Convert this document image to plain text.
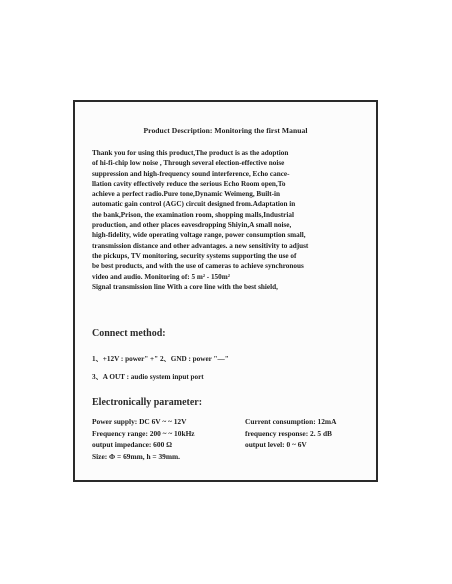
Product Description: Monitoring the first Manual
Thank you for using this product,The product is as the adoption
of hi-fi-chip low noise , Through several election-effective noise
suppression and high-frequency sound interference, Echo cance-
llation cavity effectively reduce the serious Echo Room open,To
achieve a perfect radio.Pure tone,Dynamic Weimeng, Built-in
automatic gain control (AGC) circuit designed from.Adaptation in
the bank,Prison, the examination room, shopping malls,Industrial
production, and other places eavesdropping Shiyin,A small noise,
high-fidelity, wide operating voltage range, power consumption small,
transmission distance and other advantages. a new sensitivity to adjust
the pickups, TV monitoring, security systems supporting the use of
be best products, and with the use of cameras to achieve synchronous
video and audio. Monitoring of: 5 m² - 150m²
Signal transmission line With a core line with the best shield,
Connect method:
1、+12V : power" +" 2、GND : power "—"
3、A OUT : audio system input port
Electronically parameter:
Power supply: DC 6V ~ ~ 12V	Current consumption: 12mA
Frequency range: 200 ~ ~ 10kHz	frequency response: 2. 5 dB
output impedance: 600 Ω	output level: 0 ~ 6V
Size: Φ = 69mm, h = 39mm.
